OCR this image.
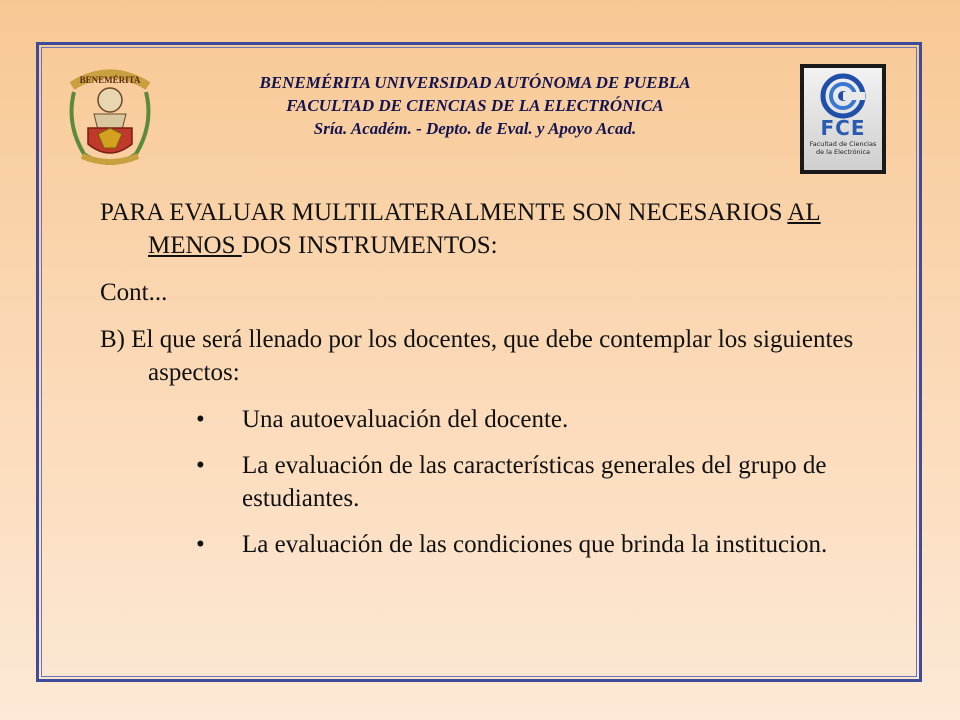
BENEMÉRITA	BENEMÉRITA UNIVERSIDAD AUTÓNOMA DE PUEBLA
FACULTAD DE CIENCIAS DE LA ELECTRÓNICA
Sría. Académ. - Depto. de Eval. y Apoyo Acad.	FCE
Facultad de Ciencias
de la Electrónica

PARA EVALUAR MULTILATERALMENTE SON NECESARIOS AL MENOS DOS INSTRUMENTOS:

Cont...

B) El que será llenado por los docentes, que debe contemplar los siguientes aspectos:

• Una autoevaluación del docente.
• La evaluación de las características generales del grupo de estudiantes.
• La evaluación de las condiciones que brinda la institucion.
